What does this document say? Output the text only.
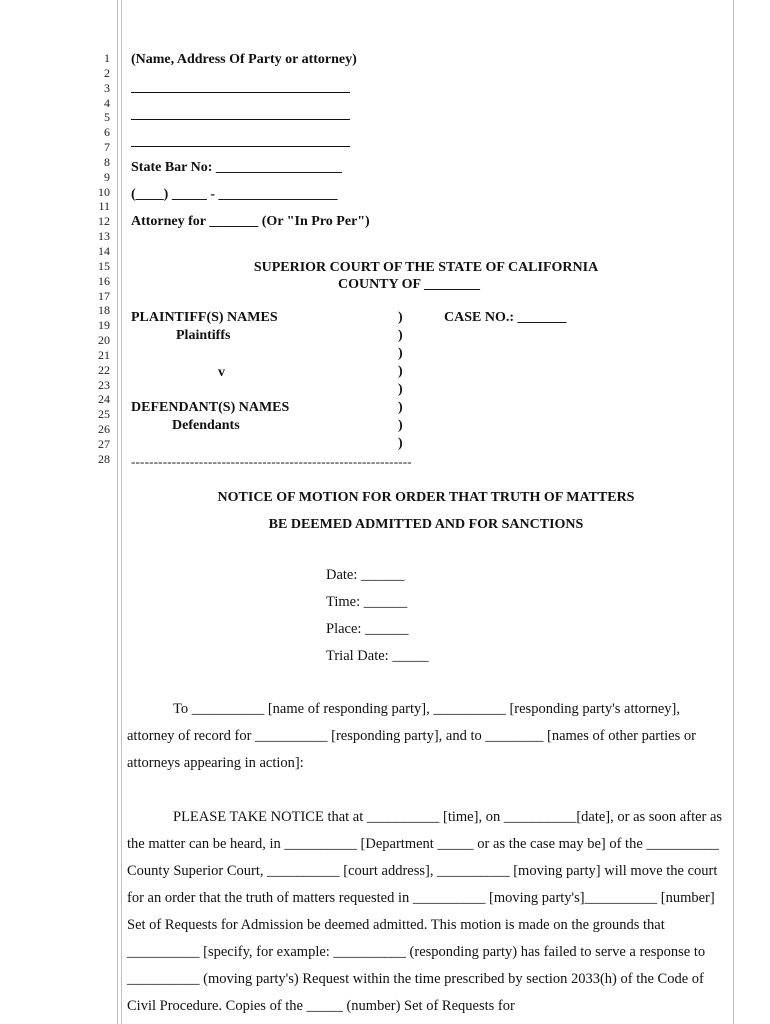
1
2
3
4
5
6
7
8
9
10
11
12
13
14
15
16
17
18
19
20
21
22
23
24
25
26
27
28
(Name, Address Of Party or attorney)
State Bar No: __________________
(____) _____ - _________________
Attorney for _______ (Or "In Pro Per")
SUPERIOR COURT OF THE STATE OF CALIFORNIA
COUNTY OF ________
PLAINTIFF(S) NAMES
Plaintiffs
v
DEFENDANT(S) NAMES
Defendants
)
)
)
)
)
)
)
)
CASE NO.: _______
--------------------------------------------------------------
NOTICE OF MOTION FOR ORDER THAT TRUTH OF MATTERS
BE DEEMED ADMITTED AND FOR SANCTIONS
Date: ______
Time: ______
Place: ______
Trial Date: _____

To __________ [name of responding party], __________ [responding party's attorney], attorney of record for __________ [responding party], and to ________ [names of other parties or attorneys appearing in action]:

PLEASE TAKE NOTICE that at __________ [time], on __________[date], or as soon after as the matter can be heard, in __________ [Department _____ or as the case may be] of the __________ County Superior Court, __________ [court address], __________ [moving party] will move the court for an order that the truth of matters requested in __________ [moving party's]__________ [number] Set of Requests for Admission be deemed admitted. This motion is made on the grounds that __________ [specify, for example: __________ (responding party) has failed to serve a response to __________ (moving party's) Request within the time prescribed by section 2033(h) of the Code of Civil Procedure. Copies of the _____ (number) Set of Requests for
